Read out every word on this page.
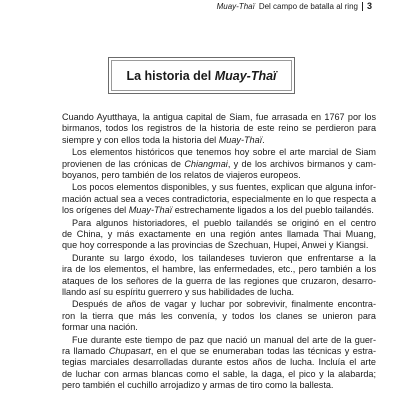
Muay-Thaï Del campo de batalla al ring 3
La historia del Muay-Thaï
Cuando Ayutthaya, la antigua capital de Siam, fue arrasada en 1767 por los
birmanos, todos los registros de la historia de este reino se perdieron para
siempre y con ellos toda la historia del Muay-Thaï.
Los elementos históricos que tenemos hoy sobre el arte marcial de Siam
provienen de las crónicas de Chiangmai, y de los archivos birmanos y cam-
boyanos, pero también de los relatos de viajeros europeos.
Los pocos elementos disponibles, y sus fuentes, explican que alguna infor-
mación actual sea a veces contradictoria, especialmente en lo que respecta a
los orígenes del Muay-Thaï estrechamente ligados a los del pueblo tailandés.
Para algunos historiadores, el pueblo tailandés se originó en el centro
de China, y más exactamente en una región antes llamada Thai Muang,
que hoy corresponde a las provincias de Szechuan, Hupei, Anwei y Kiangsi.
Durante su largo éxodo, los tailandeses tuvieron que enfrentarse a la
ira de los elementos, el hambre, las enfermedades, etc., pero también a los
ataques de los señores de la guerra de las regiones que cruzaron, desarro-
llando así su espíritu guerrero y sus habilidades de lucha.
Después de años de vagar y luchar por sobrevivir, finalmente encontra-
ron la tierra que más les convenía, y todos los clanes se unieron para
formar una nación.
Fue durante este tiempo de paz que nació un manual del arte de la guer-
ra llamado Chupasart, en el que se enumeraban todas las técnicas y estra-
tegias marciales desarrolladas durante estos años de lucha. Incluía el arte
de luchar con armas blancas como el sable, la daga, el pico y la alabarda;
pero también el cuchillo arrojadizo y armas de tiro como la ballesta.
